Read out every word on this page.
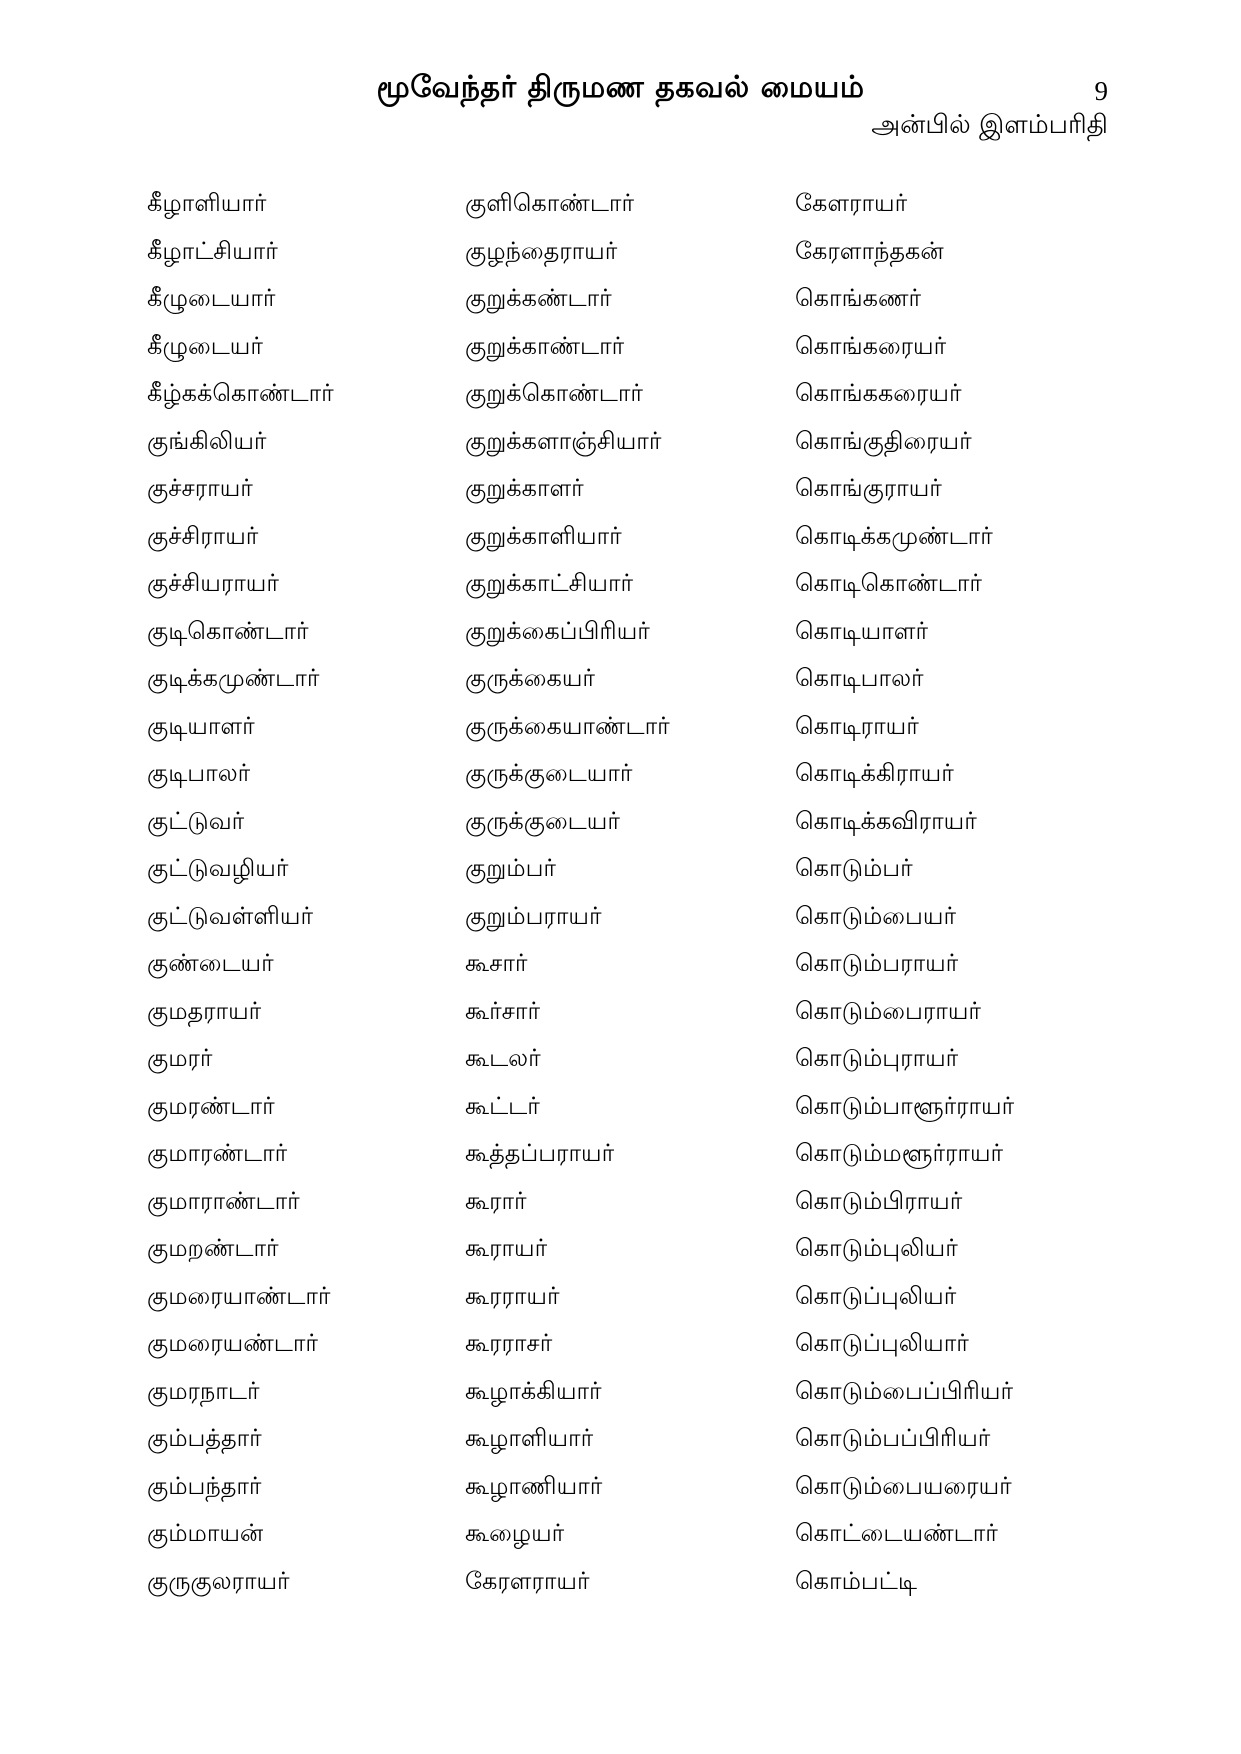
மூவேந்தர் திருமண தகவல் மையம்	9
அன்பில் இளம்பரிதி
கீழாளியார்
கீழாட்சியார்
கீழுடையார்
கீழுடையர்
கீழ்கக்கொண்டார்
குங்கிலியர்
குச்சராயர்
குச்சிராயர்
குச்சியராயர்
குடிகொண்டார்
குடிக்கமுண்டார்
குடியாளர்
குடிபாலர்
குட்டுவர்
குட்டுவழியர்
குட்டுவள்ளியர்
குண்டையர்
குமதராயர்
குமரர்
குமரண்டார்
குமாரண்டார்
குமாராண்டார்
குமறண்டார்
குமரையாண்டார்
குமரையண்டார்
குமரநாடர்
கும்பத்தார்
கும்பந்தார்
கும்மாயன்
குருகுலராயர்
குளிகொண்டார்
குழந்தைராயர்
குறுக்கண்டார்
குறுக்காண்டார்
குறுக்கொண்டார்
குறுக்களாஞ்சியார்
குறுக்காளர்
குறுக்காளியார்
குறுக்காட்சியார்
குறுக்கைப்பிரியர்
குருக்கையர்
குருக்கையாண்டார்
குருக்குடையார்
குருக்குடையர்
குறும்பர்
குறும்பராயர்
கூசார்
கூர்சார்
கூடலர்
கூட்டர்
கூத்தப்பராயர்
கூரார்
கூராயர்
கூரராயர்
கூரராசர்
கூழாக்கியார்
கூழாளியார்
கூழாணியார்
கூழையர்
கேரளராயர்
கேளராயர்
கேரளாந்தகன்
கொங்கணர்
கொங்கரையர்
கொங்ககரையர்
கொங்குதிரையர்
கொங்குராயர்
கொடிக்கமுண்டார்
கொடிகொண்டார்
கொடியாளர்
கொடிபாலர்
கொடிராயர்
கொடிக்கிராயர்
கொடிக்கவிராயர்
கொடும்பர்
கொடும்பையர்
கொடும்பராயர்
கொடும்பைராயர்
கொடும்புராயர்
கொடும்பாளூர்ராயர்
கொடும்மளூர்ராயர்
கொடும்பிராயர்
கொடும்புலியர்
கொடுப்புலியர்
கொடுப்புலியார்
கொடும்பைப்பிரியர்
கொடும்பப்பிரியர்
கொடும்பையரையர்
கொட்டையண்டார்
கொம்பட்டி
